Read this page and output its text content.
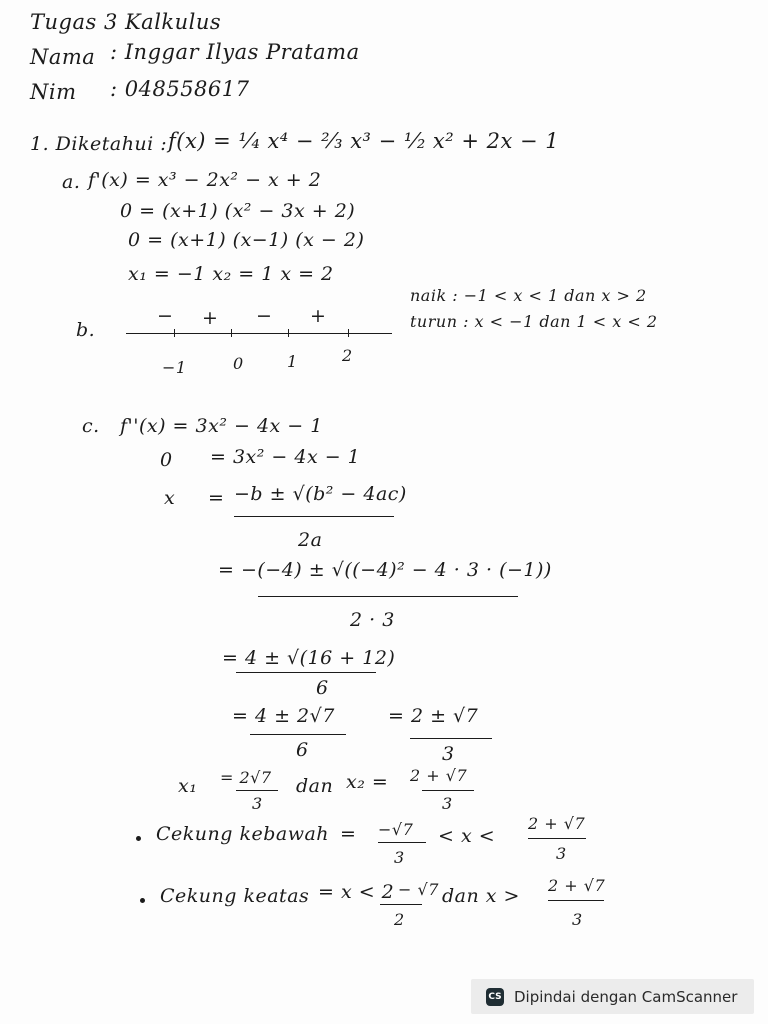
Tugas 3 Kalkulus
Nama : Inggar Ilyas Pratama
Nim : 048558617
1. Diketahui : f(x) = ¹⁄₄ x⁴ − ²⁄₃ x³ − ¹⁄₂ x² + 2x − 1
a. f'(x) = x³ − 2x² − x + 2
0 = (x+1) (x² − 3x + 2)
0 = (x+1) (x−1) (x − 2)
x₁ = −1 x₂ = 1 x = 2
b.
− + − +
−1	0	1	2
naik : −1 < x < 1 dan x > 2
turun : x < −1 dan 1 < x < 2
c. f''(x) = 3x² − 4x − 1
0 = 3x² − 4x − 1
x = −b ± √(b² − 4ac)
2a
= −(−4) ± √((−4)² − 4 · 3 · (−1))
2 · 3
= 4 ± √(16 + 12)
6
= 4 ± 2√7
6
= 2 ± √7
3
x₁ = 2√7
3
dan x₂ = 2 + √7
3
Cekung kebawah = −√7
3
< x <
2 + √7
3
Cekung keatas = x < 2 − √7
2
dan x > 2 + √7
3
CS Dipindai dengan CamScanner
